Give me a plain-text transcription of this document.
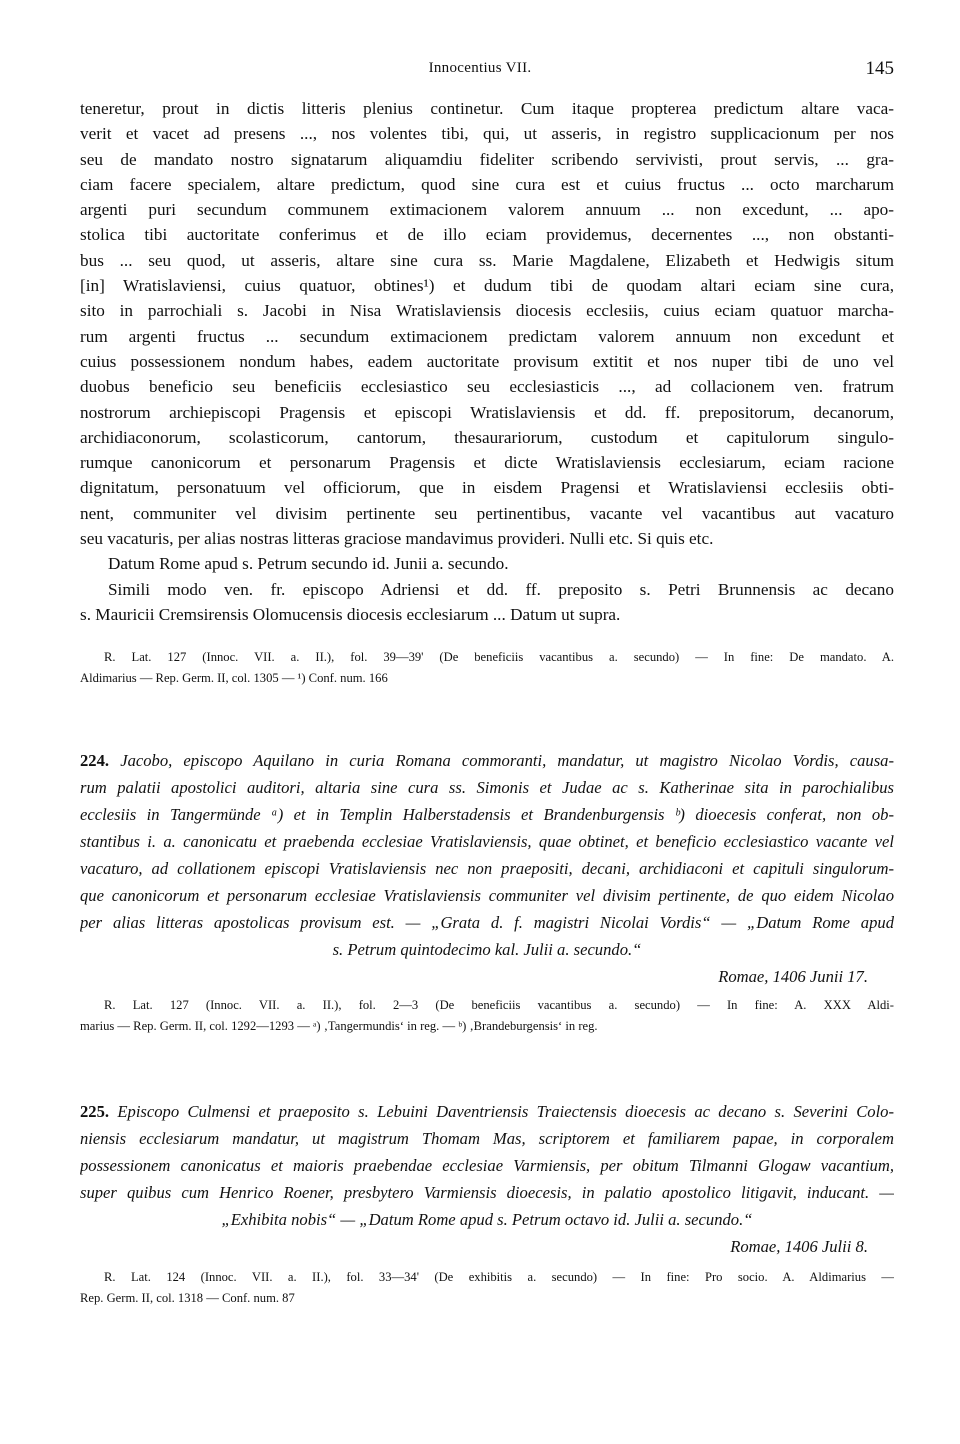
Innocentius VII.	145
teneretur, prout in dictis litteris plenius continetur. Cum itaque propterea predictum altare vaca-
verit et vacet ad presens ..., nos volentes tibi, qui, ut asseris, in registro supplicacionum per nos
seu de mandato nostro signatarum aliquamdiu fideliter scribendo servivisti, prout servis, ... gra-
ciam facere specialem, altare predictum, quod sine cura est et cuius fructus ... octo marcharum
argenti puri secundum communem extimacionem valorem annuum ... non excedunt, ... apo-
stolica tibi auctoritate conferimus et de illo eciam providemus, decernentes ..., non obstanti-
bus ... seu quod, ut asseris, altare sine cura ss. Marie Magdalene, Elizabeth et Hedwigis situm
[in] Wratislaviensi, cuius quatuor, obtines¹) et dudum tibi de quodam altari eciam sine cura,
sito in parrochiali s. Jacobi in Nisa Wratislaviensis diocesis ecclesiis, cuius eciam quatuor marcha-
rum argenti fructus ... secundum extimacionem predictam valorem annuum non excedunt et
cuius possessionem nondum habes, eadem auctoritate provisum extitit et nos nuper tibi de uno vel
duobus beneficio seu beneficiis ecclesiastico seu ecclesiasticis ..., ad collacionem ven. fratrum
nostrorum archiepiscopi Pragensis et episcopi Wratislaviensis et dd. ff. prepositorum, decanorum,
archidiaconorum, scolasticorum, cantorum, thesaurariorum, custodum et capitulorum singulo-
rumque canonicorum et personarum Pragensis et dicte Wratislaviensis ecclesiarum, eciam racione
dignitatum, personatuum vel officiorum, que in eisdem Pragensi et Wratislaviensi ecclesiis obti-
nent, communiter vel divisim pertinente seu pertinentibus, vacante vel vacantibus aut vacaturo
seu vacaturis, per alias nostras litteras graciose mandavimus provideri. Nulli etc. Si quis etc.
Datum Rome apud s. Petrum secundo id. Junii a. secundo.
Simili modo ven. fr. episcopo Adriensi et dd. ff. preposito s. Petri Brunnensis ac decano
s. Mauricii Cremsirensis Olomucensis diocesis ecclesiarum ... Datum ut supra.
R. Lat. 127 (Innoc. VII. a. II.), fol. 39—39' (De beneficiis vacantibus a. secundo) — In fine: De mandato. A.
Aldimarius — Rep. Germ. II, col. 1305 — ¹) Conf. num. 166
224. Jacobo, episcopo Aquilano in curia Romana commoranti, mandatur, ut magistro Nicolao Vordis, causa-
rum palatii apostolici auditori, altaria sine cura ss. Simonis et Judae ac s. Katherinae sita in parochialibus
ecclesiis in Tangermünde ᵃ) et in Templin Halberstadensis et Brandenburgensis ᵇ) dioecesis conferat, non ob-
stantibus i. a. canonicatu et praebenda ecclesiae Vratislaviensis, quae obtinet, et beneficio ecclesiastico vacante vel
vacaturo, ad collationem episcopi Vratislaviensis nec non praepositi, decani, archidiaconi et capituli singulorum-
que canonicorum et personarum ecclesiae Vratislaviensis communiter vel divisim pertinente, de quo eidem Nicolao
per alias litteras apostolicas provisum est. — „Grata d. f. magistri Nicolai Vordis“ — „Datum Rome apud
s. Petrum quintodecimo kal. Julii a. secundo.“
Romae, 1406 Junii 17.
R. Lat. 127 (Innoc. VII. a. II.), fol. 2—3 (De beneficiis vacantibus a. secundo) — In fine: A. XXX Aldi-
marius — Rep. Germ. II, col. 1292—1293 — ᵃ) ‚Tangermundis‘ in reg. — ᵇ) ‚Brandeburgensis‘ in reg.
225. Episcopo Culmensi et praeposito s. Lebuini Daventriensis Traiectensis dioecesis ac decano s. Severini Colo-
niensis ecclesiarum mandatur, ut magistrum Thomam Mas, scriptorem et familiarem papae, in corporalem
possessionem canonicatus et maioris praebendae ecclesiae Varmiensis, per obitum Tilmanni Glogaw vacantium,
super quibus cum Henrico Roener, presbytero Varmiensis dioecesis, in palatio apostolico litigavit, inducant. —
„Exhibita nobis“ — „Datum Rome apud s. Petrum octavo id. Julii a. secundo.“
Romae, 1406 Julii 8.
R. Lat. 124 (Innoc. VII. a. II.), fol. 33—34' (De exhibitis a. secundo) — In fine: Pro socio. A. Aldimarius —
Rep. Germ. II, col. 1318 — Conf. num. 87
